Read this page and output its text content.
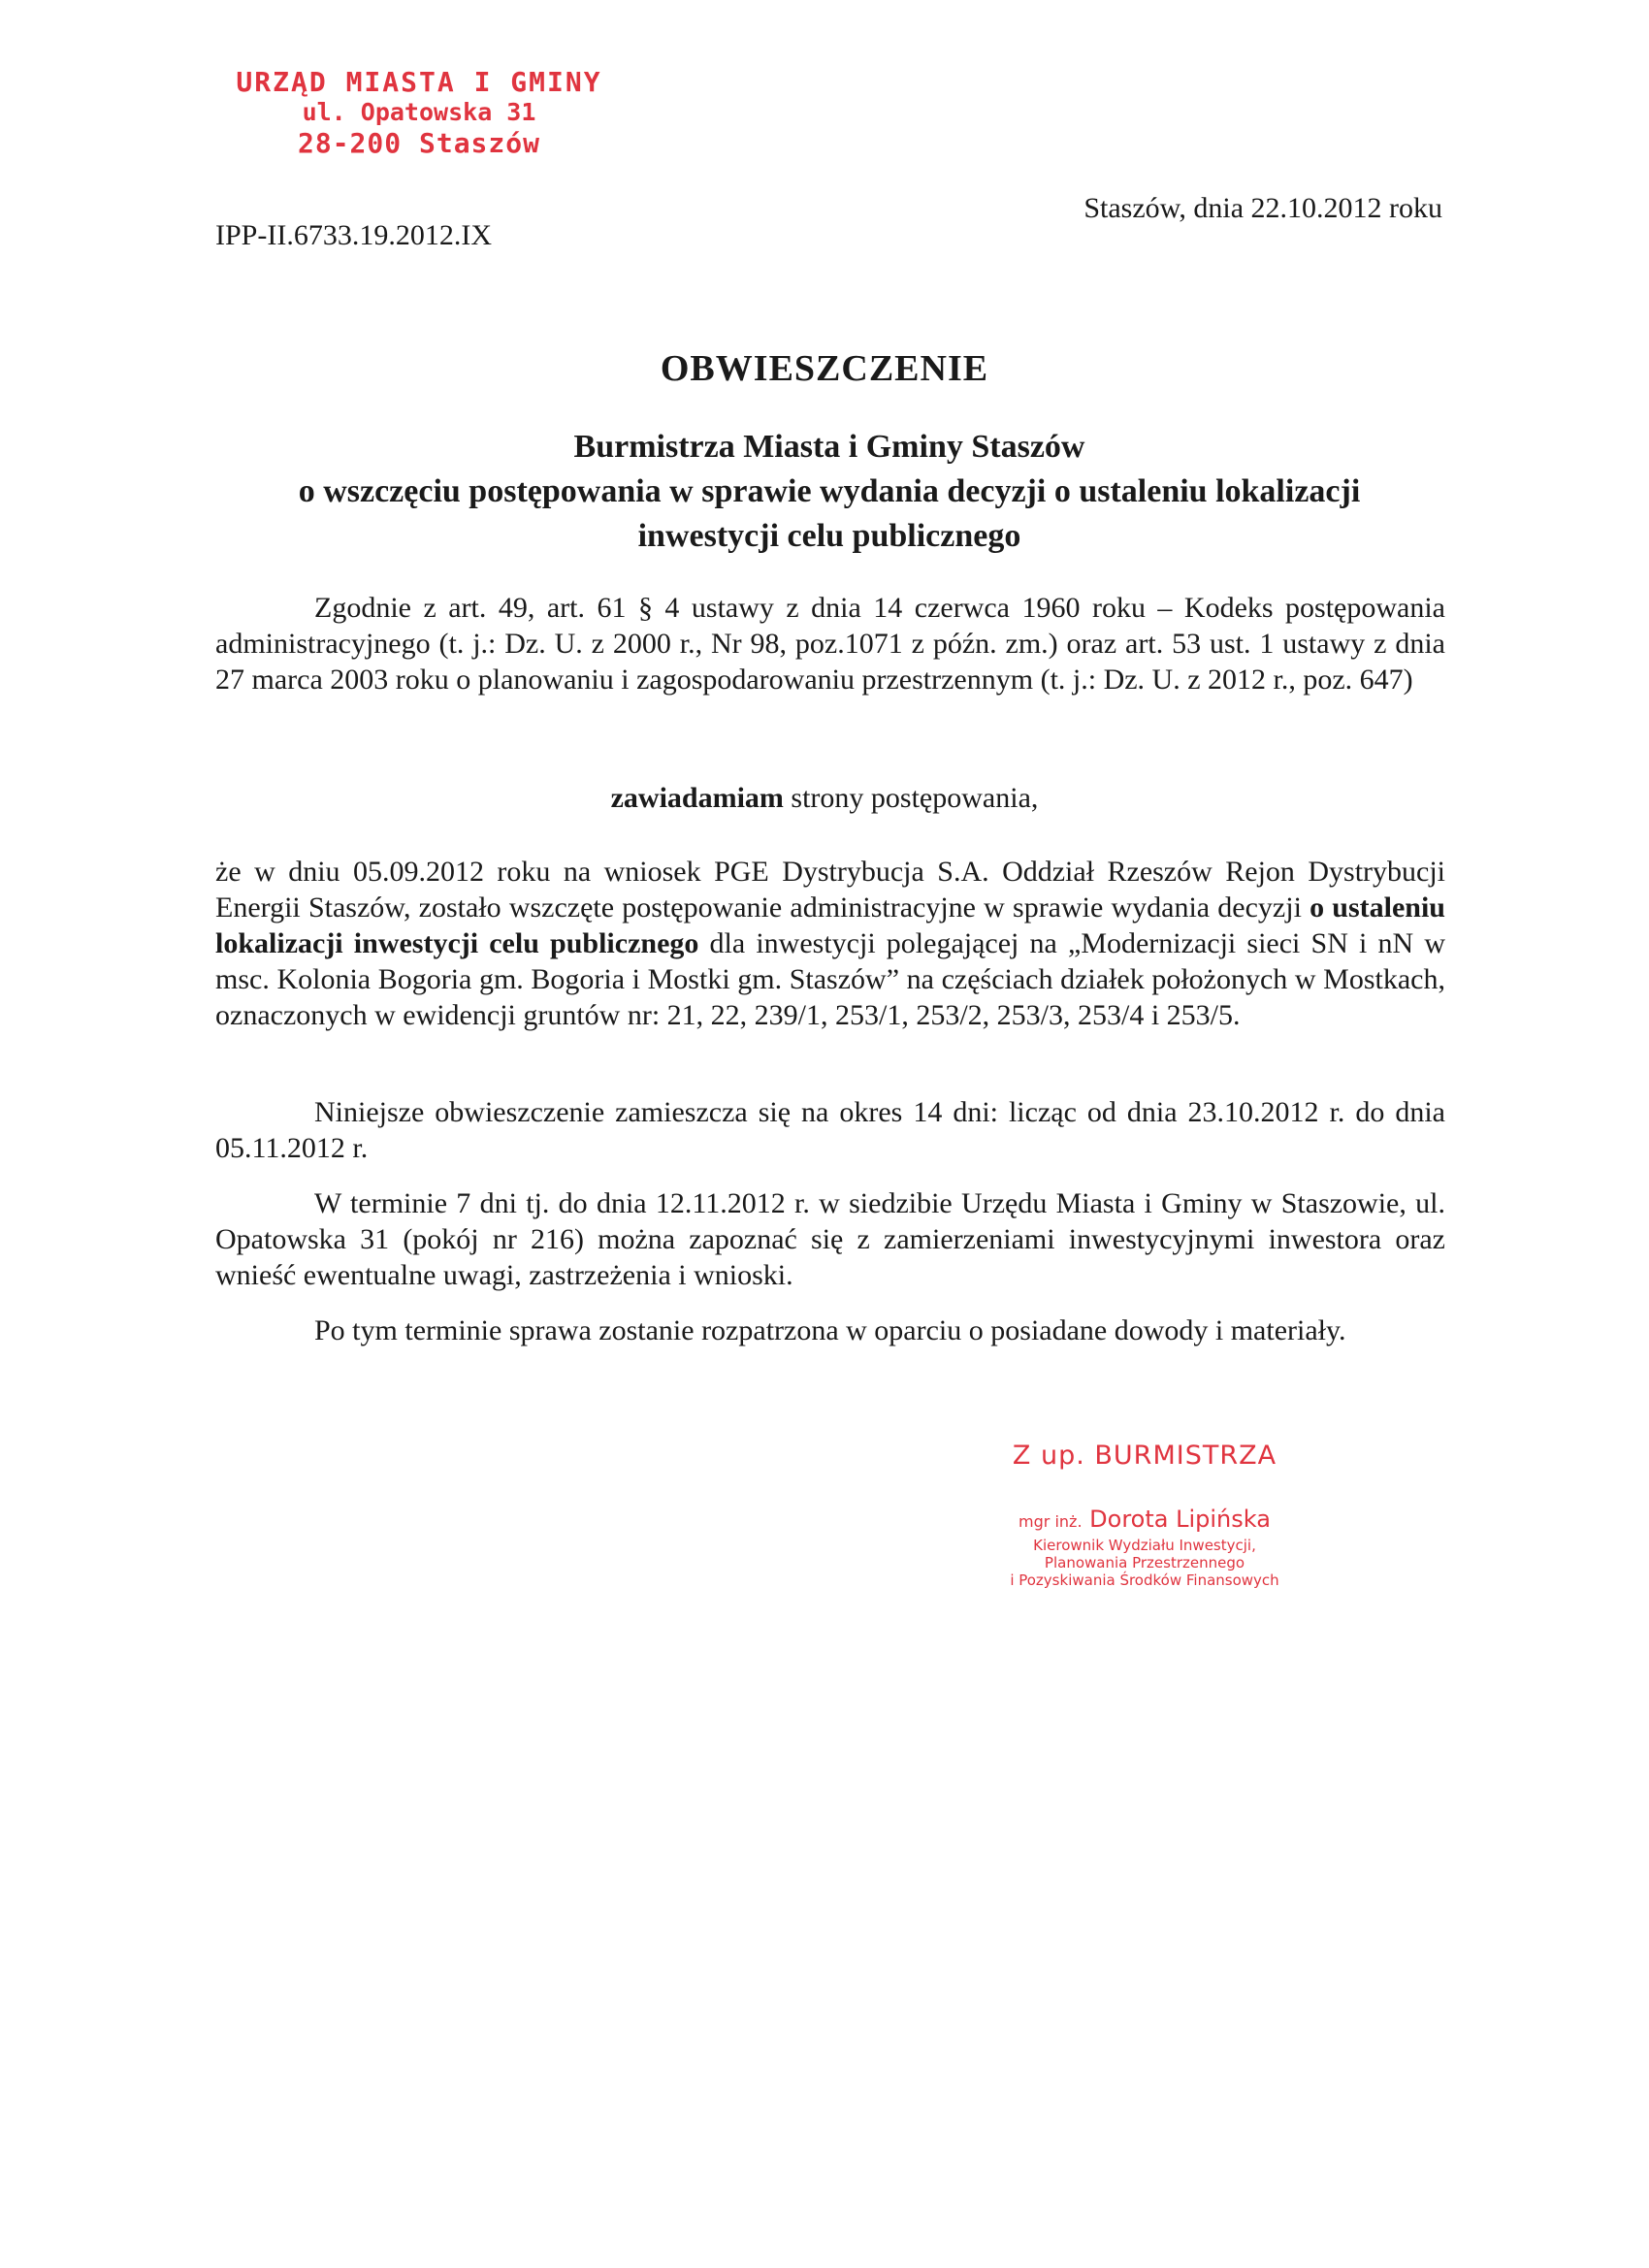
URZĄD MIASTA I GMINY
ul. Opatowska 31
28-200 Staszów
Staszów, dnia 22.10.2012 roku
IPP-II.6733.19.2012.IX
OBWIESZCZENIE
Burmistrza Miasta i Gminy Staszów
o wszczęciu postępowania w sprawie wydania decyzji o ustaleniu lokalizacji
inwestycji celu publicznego
Zgodnie z art. 49, art. 61 § 4 ustawy z dnia 14 czerwca 1960 roku – Kodeks postępowania administracyjnego (t. j.: Dz. U. z 2000 r., Nr 98, poz.1071 z późn. zm.) oraz art. 53 ust. 1 ustawy z dnia 27 marca 2003 roku o planowaniu i zagospodarowaniu przestrzennym (t. j.: Dz. U. z 2012 r., poz. 647)
zawiadamiam strony postępowania,
że w dniu 05.09.2012 roku na wniosek PGE Dystrybucja S.A. Oddział Rzeszów Rejon Dystrybucji Energii Staszów, zostało wszczęte postępowanie administracyjne w sprawie wydania decyzji o ustaleniu lokalizacji inwestycji celu publicznego dla inwestycji polegającej na „Modernizacji sieci SN i nN w msc. Kolonia Bogoria gm. Bogoria i Mostki gm. Staszów” na częściach działek położonych w Mostkach, oznaczonych w ewidencji gruntów nr: 21, 22, 239/1, 253/1, 253/2, 253/3, 253/4 i 253/5.
Niniejsze obwieszczenie zamieszcza się na okres 14 dni: licząc od dnia 23.10.2012 r. do dnia 05.11.2012 r.
W terminie 7 dni tj. do dnia 12.11.2012 r. w siedzibie Urzędu Miasta i Gminy w Staszowie, ul. Opatowska 31 (pokój nr 216) można zapoznać się z zamierzeniami inwestycyjnymi inwestora oraz wnieść ewentualne uwagi, zastrzeżenia i wnioski.
Po tym terminie sprawa zostanie rozpatrzona w oparciu o posiadane dowody i materiały.
Z up. BURMISTRZA
mgr inż. Dorota Lipińska
Kierownik Wydziału Inwestycji,
Planowania Przestrzennego
i Pozyskiwania Środków Finansowych
